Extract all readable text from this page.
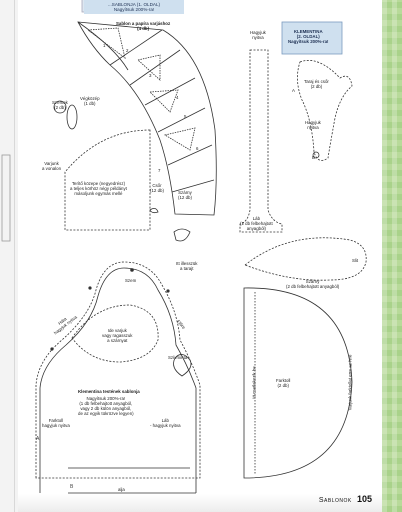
B
A
...SABLONJA (1. OLDAL)
Nagyítsuk 200%-ra!
Sablon a papíra varjáshoz
(4 db)
1
2
3
4
5
6
7
Szemek
(2 db)
Végközép
(1 db)
Varjunk
a vonalon
Terítő közepe (negyedrész)
a teljes körhöz négy példányt
másoljunk egymás mellé
Csőr
(12 db)	Szárny
(12 db)
Hagyjuk
nyitva
Láb
(2 db felbehajtott
anyagból)
KLEMENTINA
(2. OLDAL)
Nagyítsuk 200%-ra!
Taraj és csőr
(2 db)
Hagyjuk
nyitva
A
B
Itt illesszük
a tarajt
Szem
Háta
hagyjuk nyitva	Előre
Ide varjuk
vagy ragasszuk
a szárnyat
Szívminta
Slit
Szárny
(2 db felbehajtott anyagból)
Farktoll
(2 db)
Itt csatlakozik be	Varjunk farktollat erre az ívre
Klementina testének sablonja
Nagyítsuk 200%-ra!
(1 db felbehajtott anyagból,
vagy 2 db külön anyagból,
de az egyik tükrözve legyen)
Farktoll
hagyjuk nyitva
Láb
- hagyjuk nyitva
alja
Sablonok 105
